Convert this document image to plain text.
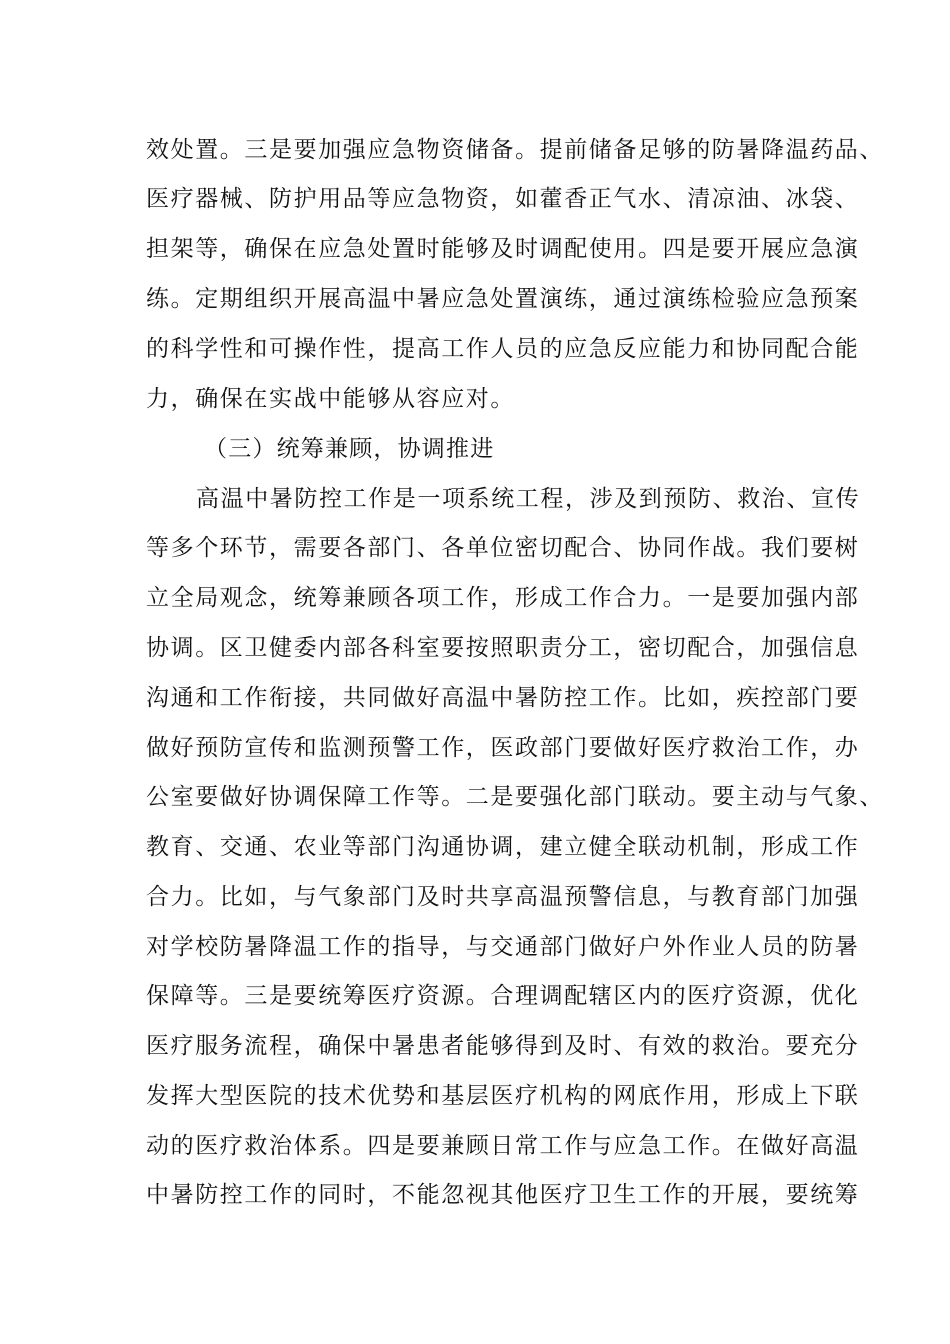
效处置。三是要加强应急物资储备。提前储备足够的防暑降温药品、
医疗器械、防护用品等应急物资，如藿香正气水、清凉油、冰袋、
担架等，确保在应急处置时能够及时调配使用。四是要开展应急演
练。定期组织开展高温中暑应急处置演练，通过演练检验应急预案
的科学性和可操作性，提高工作人员的应急反应能力和协同配合能
力，确保在实战中能够从容应对。
（三）统筹兼顾，协调推进
高温中暑防控工作是一项系统工程，涉及到预防、救治、宣传
等多个环节，需要各部门、各单位密切配合、协同作战。我们要树
立全局观念，统筹兼顾各项工作，形成工作合力。一是要加强内部
协调。区卫健委内部各科室要按照职责分工，密切配合，加强信息
沟通和工作衔接，共同做好高温中暑防控工作。比如，疾控部门要
做好预防宣传和监测预警工作，医政部门要做好医疗救治工作，办
公室要做好协调保障工作等。二是要强化部门联动。要主动与气象、
教育、交通、农业等部门沟通协调，建立健全联动机制，形成工作
合力。比如，与气象部门及时共享高温预警信息，与教育部门加强
对学校防暑降温工作的指导，与交通部门做好户外作业人员的防暑
保障等。三是要统筹医疗资源。合理调配辖区内的医疗资源，优化
医疗服务流程，确保中暑患者能够得到及时、有效的救治。要充分
发挥大型医院的技术优势和基层医疗机构的网底作用，形成上下联
动的医疗救治体系。四是要兼顾日常工作与应急工作。在做好高温
中暑防控工作的同时，不能忽视其他医疗卫生工作的开展，要统筹
